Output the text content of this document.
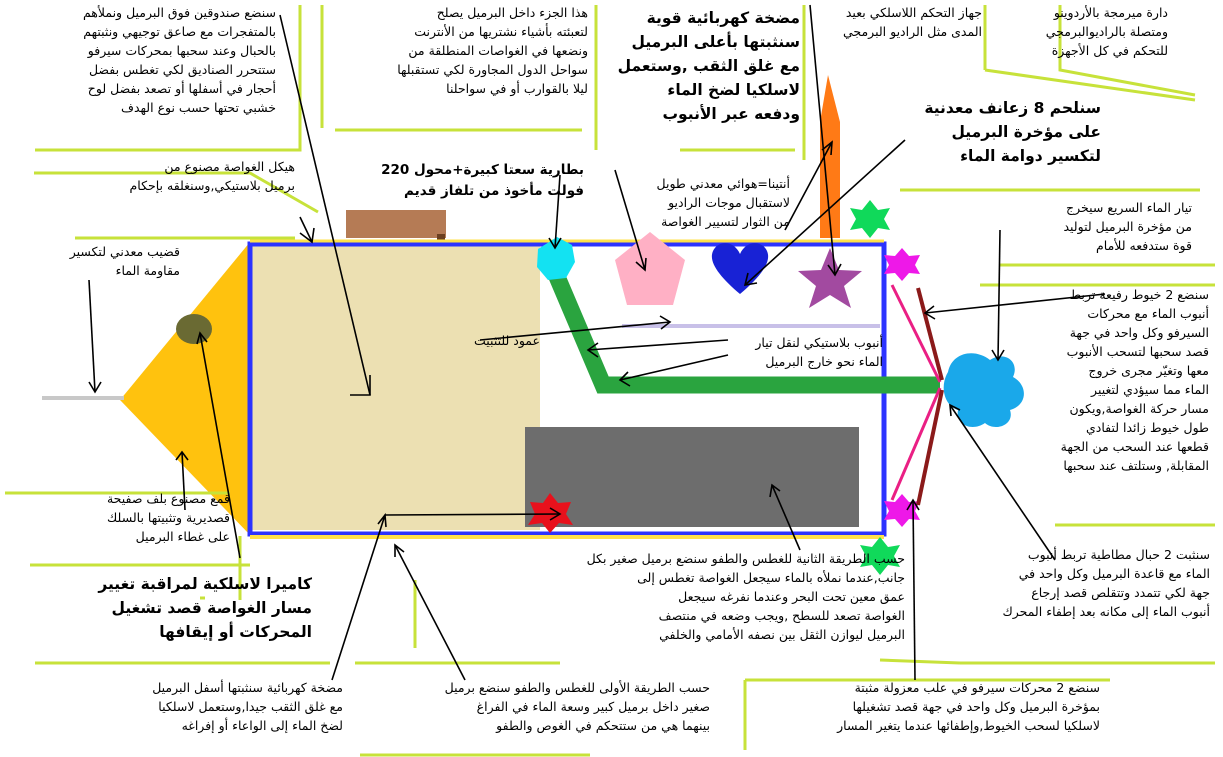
سنضع صندوقين فوق البرميل ونملأهم
بالمتفجرات مع صاعق توجيهي ونثبتهم
بالحبال وعند سحبها بمحركات سيرفو
ستتحرر الصناديق لكي تغطس بفضل
أحجار في أسفلها أو تصعد بفضل لوح
خشبي تحتها حسب نوع الهدف
هذا الجزء داخل البرميل يصلح
لتعبئته بأشياء نشتريها من الأنترنت
ونضعها في الغواصات المنطلقة من
سواحل الدول المجاورة لكي تستقبلها
ليلا بالقوارب أو في سواحلنا
مضخة كهربائية قوية
سنثبتها بأعلى البرميل
مع غلق الثقب ,وستعمل
لاسلكيا لضخ الماء
ودفعه عبر الأنبوب
جهاز التحكم اللاسلكي بعيد
المدى مثل الراديو البرمجي
دارة ميرمجة بالأردوينو
ومتصلة بالراديوالبرمجي
للتحكم في كل الأجهزة
سنلحم 8 زعانف معدنية
على مؤخرة البرميل
لتكسير دوامة الماء
هيكل الغواصة مصنوع من
برميل بلاستيكي,وسنغلقه بإحكام
بطارية سعتا كبيرة+محول 220
فولت مأخوذ من تلفاز قديم	أنتينا=هوائي معدني طويل
لاستقبال موجات الراديو
من الثوار لتسيير الغواصة
تيار الماء السريع سيخرج
من مؤخرة البرميل لتوليد
قوة ستدفعه للأمام
قضيب معدني لتكسير
مقاومة الماء
سنضع 2 خيوط رفيعة تربط
أنبوب الماء مع محركات
السيرفو وكل واحد في جهة
قصد سحبها لتسحب الأنبوب
معها وتغيّر مجرى خروج
الماء مما سيؤدي لتغيير
مسار حركة الغواصة,ويكون
طول خيوط زائدا لتفادي
قطعها عند السحب من الجهة
المقابلة, وستلتف عند سحبها
عمود للتثبيت	أنبوب بلاستيكي لنقل تيار
الماء نحو خارج البرميل
قمع مصنوع بلف صفيحة
قصديرية وتثبيتها بالسلك
على غطاء البرميل
كاميرا لاسلكية لمراقبة تغيير
مسار الغواصة قصد تشغيل
المحركات أو إيقافها
حسب الطريقة الثانية للغطس والطفو سنضع برميل صغير بكل
جانب,عندما نملأه بالماء سيجعل الغواصة تغطس إلى
عمق معين تحت البحر وعندما نفرغه سيجعل
الغواصة تصعد للسطح ,ويجب وضعه في منتصف
البرميل ليوازن الثقل بين نصفه الأمامي والخلفي
سنثبت 2 حبال مطاطية تربط أنبوب
الماء مع قاعدة البرميل وكل واحد في
جهة لكي تتمدد وتتقلص قصد إرجاع
أنبوب الماء إلى مكانه بعد إطفاء المحرك
مضخة كهربائية سنثبتها أسفل البرميل
مع غلق الثقب جيدا,وستعمل لاسلكيا
لضخ الماء إلى الواعاء أو إفراغه
حسب الطريقة الأولى للغطس والطفو سنضع برميل
صغير داخل برميل كبير وسعة الماء في الفراغ
بينهما هي من ستتحكم في الغوص والطفو
سنضع 2 محركات سيرفو في علب معزولة مثبتة
بمؤخرة البرميل وكل واحد في جهة قصد تشغيلها
لاسلكيا لسحب الخيوط,وإطفائها عندما يتغير المسار
